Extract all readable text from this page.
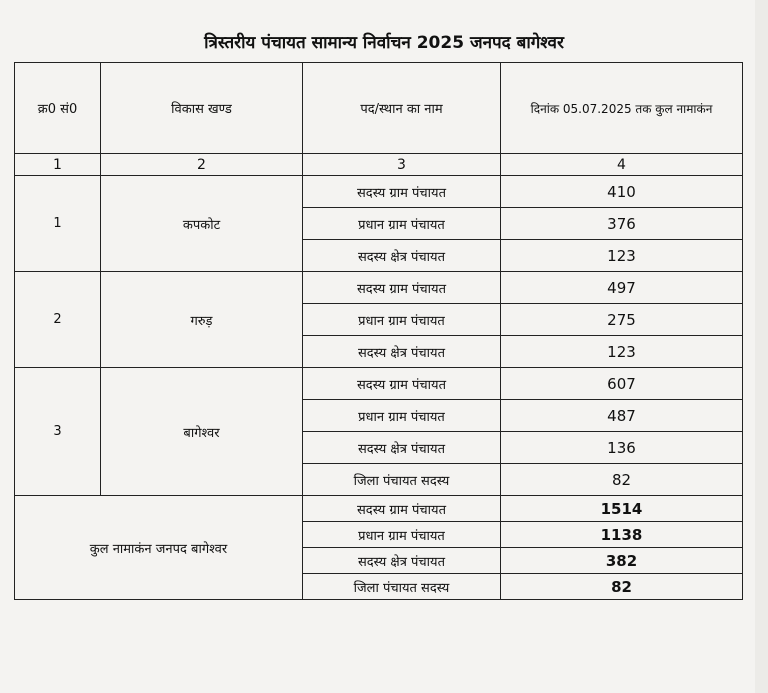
त्रिस्तरीय पंचायत सामान्य निर्वाचन 2025 जनपद बागेश्वर
क्र0 सं0	विकास खण्ड	पद/स्थान का नाम	दिनांक 05.07.2025 तक कुल नामाकंन
1	2	3	4
1	कपकोट	सदस्य ग्राम पंचायत	410
		प्रधान ग्राम पंचायत	376
		सदस्य क्षेत्र पंचायत	123
2	गरुड़	सदस्य ग्राम पंचायत	497
		प्रधान ग्राम पंचायत	275
		सदस्य क्षेत्र पंचायत	123
3	बागेश्वर	सदस्य ग्राम पंचायत	607
		प्रधान ग्राम पंचायत	487
		सदस्य क्षेत्र पंचायत	136
		जिला पंचायत सदस्य	82
कुल नामाकंन जनपद बागेश्वर		सदस्य ग्राम पंचायत	1514
		प्रधान ग्राम पंचायत	1138
		सदस्य क्षेत्र पंचायत	382
		जिला पंचायत सदस्य	82
